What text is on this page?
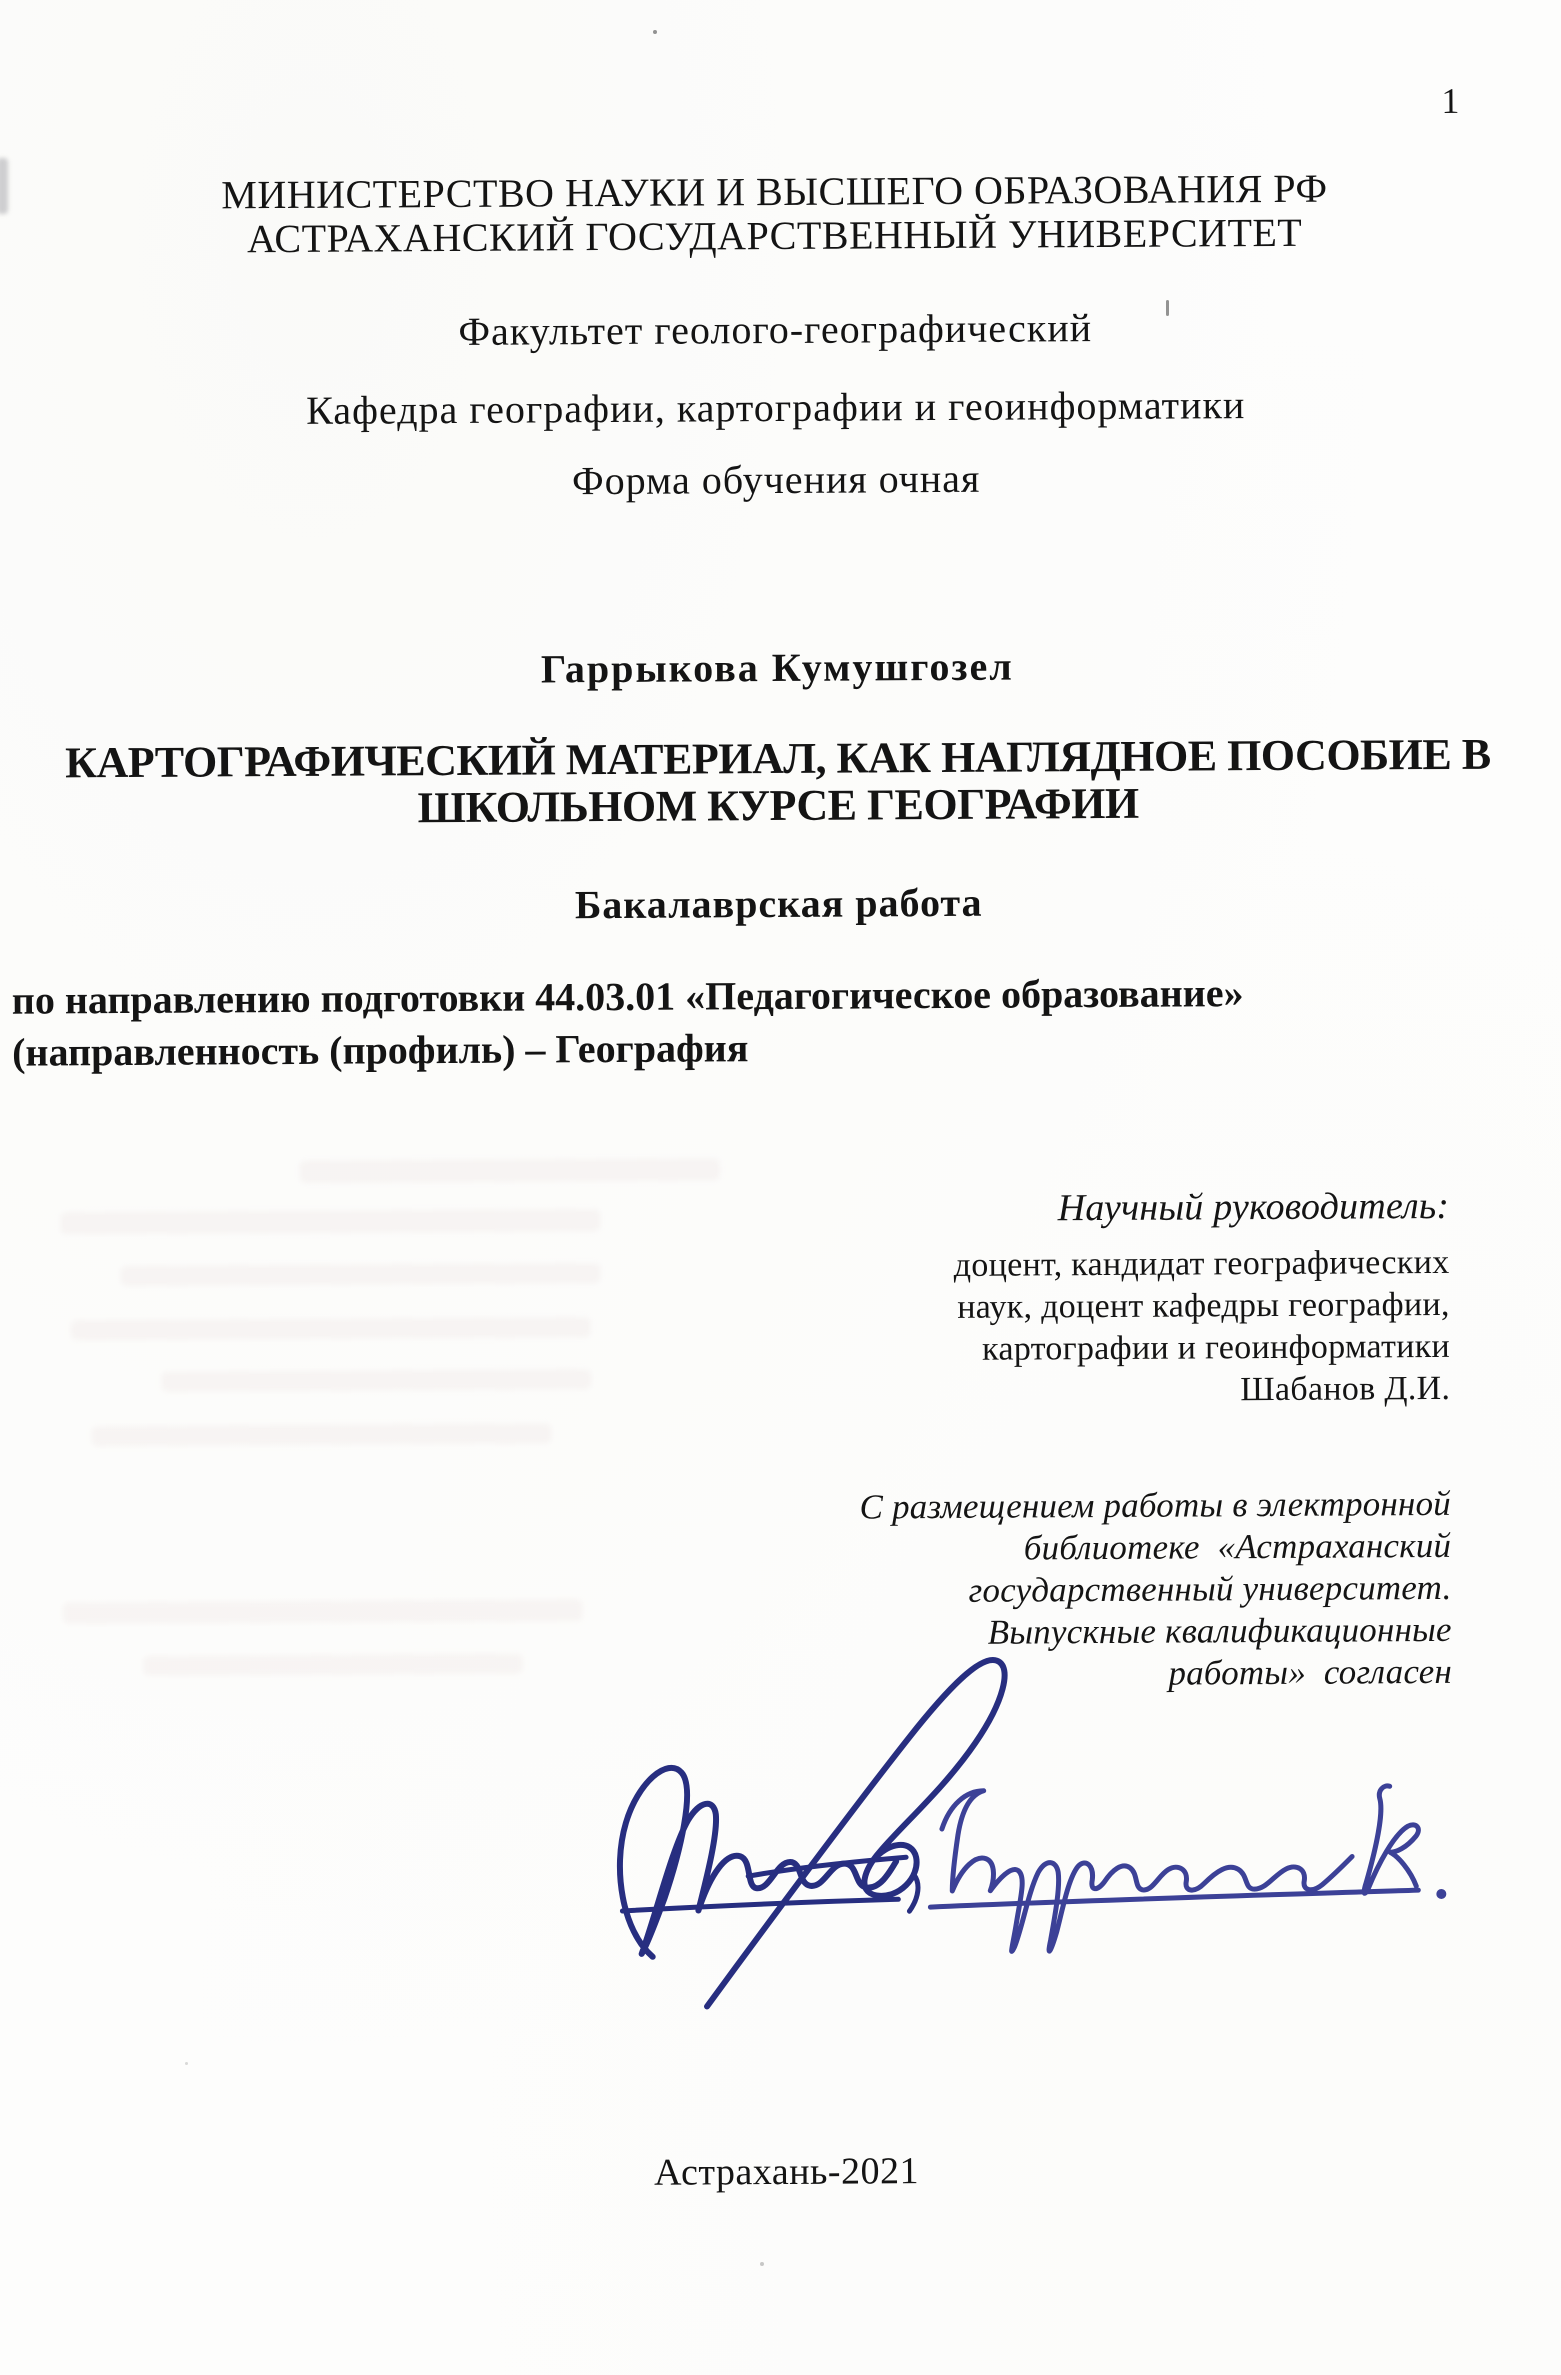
1
МИНИСТЕРСТВО НАУКИ И ВЫСШЕГО ОБРАЗОВАНИЯ РФ
АСТРАХАНСКИЙ ГОСУДАРСТВЕННЫЙ УНИВЕРСИТЕТ
Факультет геолого-географический
Кафедра географии, картографии и геоинформатики
Форма обучения очная
Гаррыкова Кумушгозел
КАРТОГРАФИЧЕСКИЙ МАТЕРИАЛ, КАК НАГЛЯДНОЕ ПОСОБИЕ В
ШКОЛЬНОМ КУРСЕ ГЕОГРАФИИ
Бакалаврская работа
по направлению подготовки 44.03.01 «Педагогическое образование»
(направленность (профиль) – География
Научный руководитель:
доцент, кандидат географических
наук, доцент кафедры географии,
картографии и геоинформатики
Шабанов Д.И.
С размещением работы в электронной
библиотеке  «Астраханский
государственный университет.
Выпускные квалификационные
работы»  согласен
Астрахань-2021
